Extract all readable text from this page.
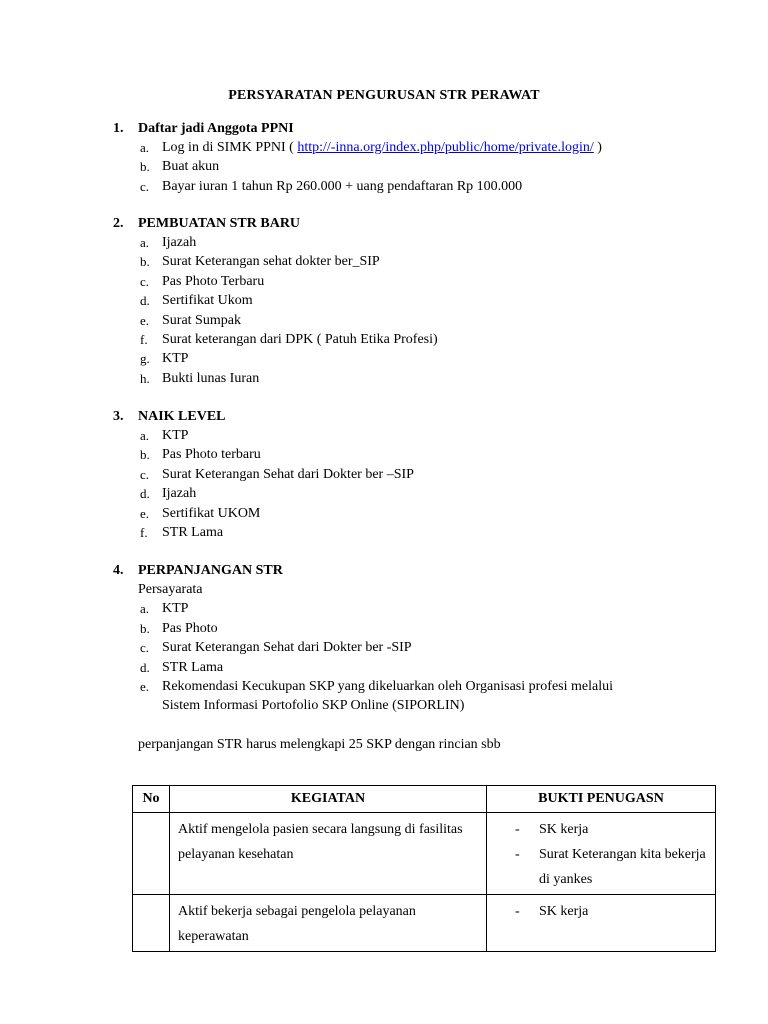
PERSYARATAN PENGURUSAN STR PERAWAT
1. Daftar jadi Anggota PPNI
a. Log in di SIMK PPNI ( http://-inna.org/index.php/public/home/private.login/ )
b. Buat akun
c. Bayar iuran 1 tahun Rp 260.000 + uang pendaftaran Rp 100.000
2. PEMBUATAN STR BARU
a. Ijazah
b. Surat Keterangan sehat dokter ber_SIP
c. Pas Photo Terbaru
d. Sertifikat Ukom
e. Surat Sumpak
f. Surat keterangan dari DPK ( Patuh Etika Profesi)
g. KTP
h. Bukti lunas Iuran
3. NAIK LEVEL
a. KTP
b. Pas Photo terbaru
c. Surat Keterangan Sehat dari Dokter ber –SIP
d. Ijazah
e. Sertifikat UKOM
f. STR Lama
4. PERPANJANGAN STR
Persayarata
a. KTP
b. Pas Photo
c. Surat Keterangan Sehat dari Dokter ber -SIP
d. STR Lama
e. Rekomendasi Kecukupan SKP yang dikeluarkan oleh Organisasi profesi melalui
Sistem Informasi Portofolio SKP Online (SIPORLIN)
perpanjangan STR harus melengkapi 25 SKP dengan rincian sbb
No	KEGIATAN	BUKTI PENUGASN
	Aktif mengelola pasien secara langsung di fasilitas pelayanan kesehatan	- SK kerja
- Surat Keterangan kita bekerja di yankes

	Aktif bekerja sebagai pengelola pelayanan keperawatan	- SK kerja
